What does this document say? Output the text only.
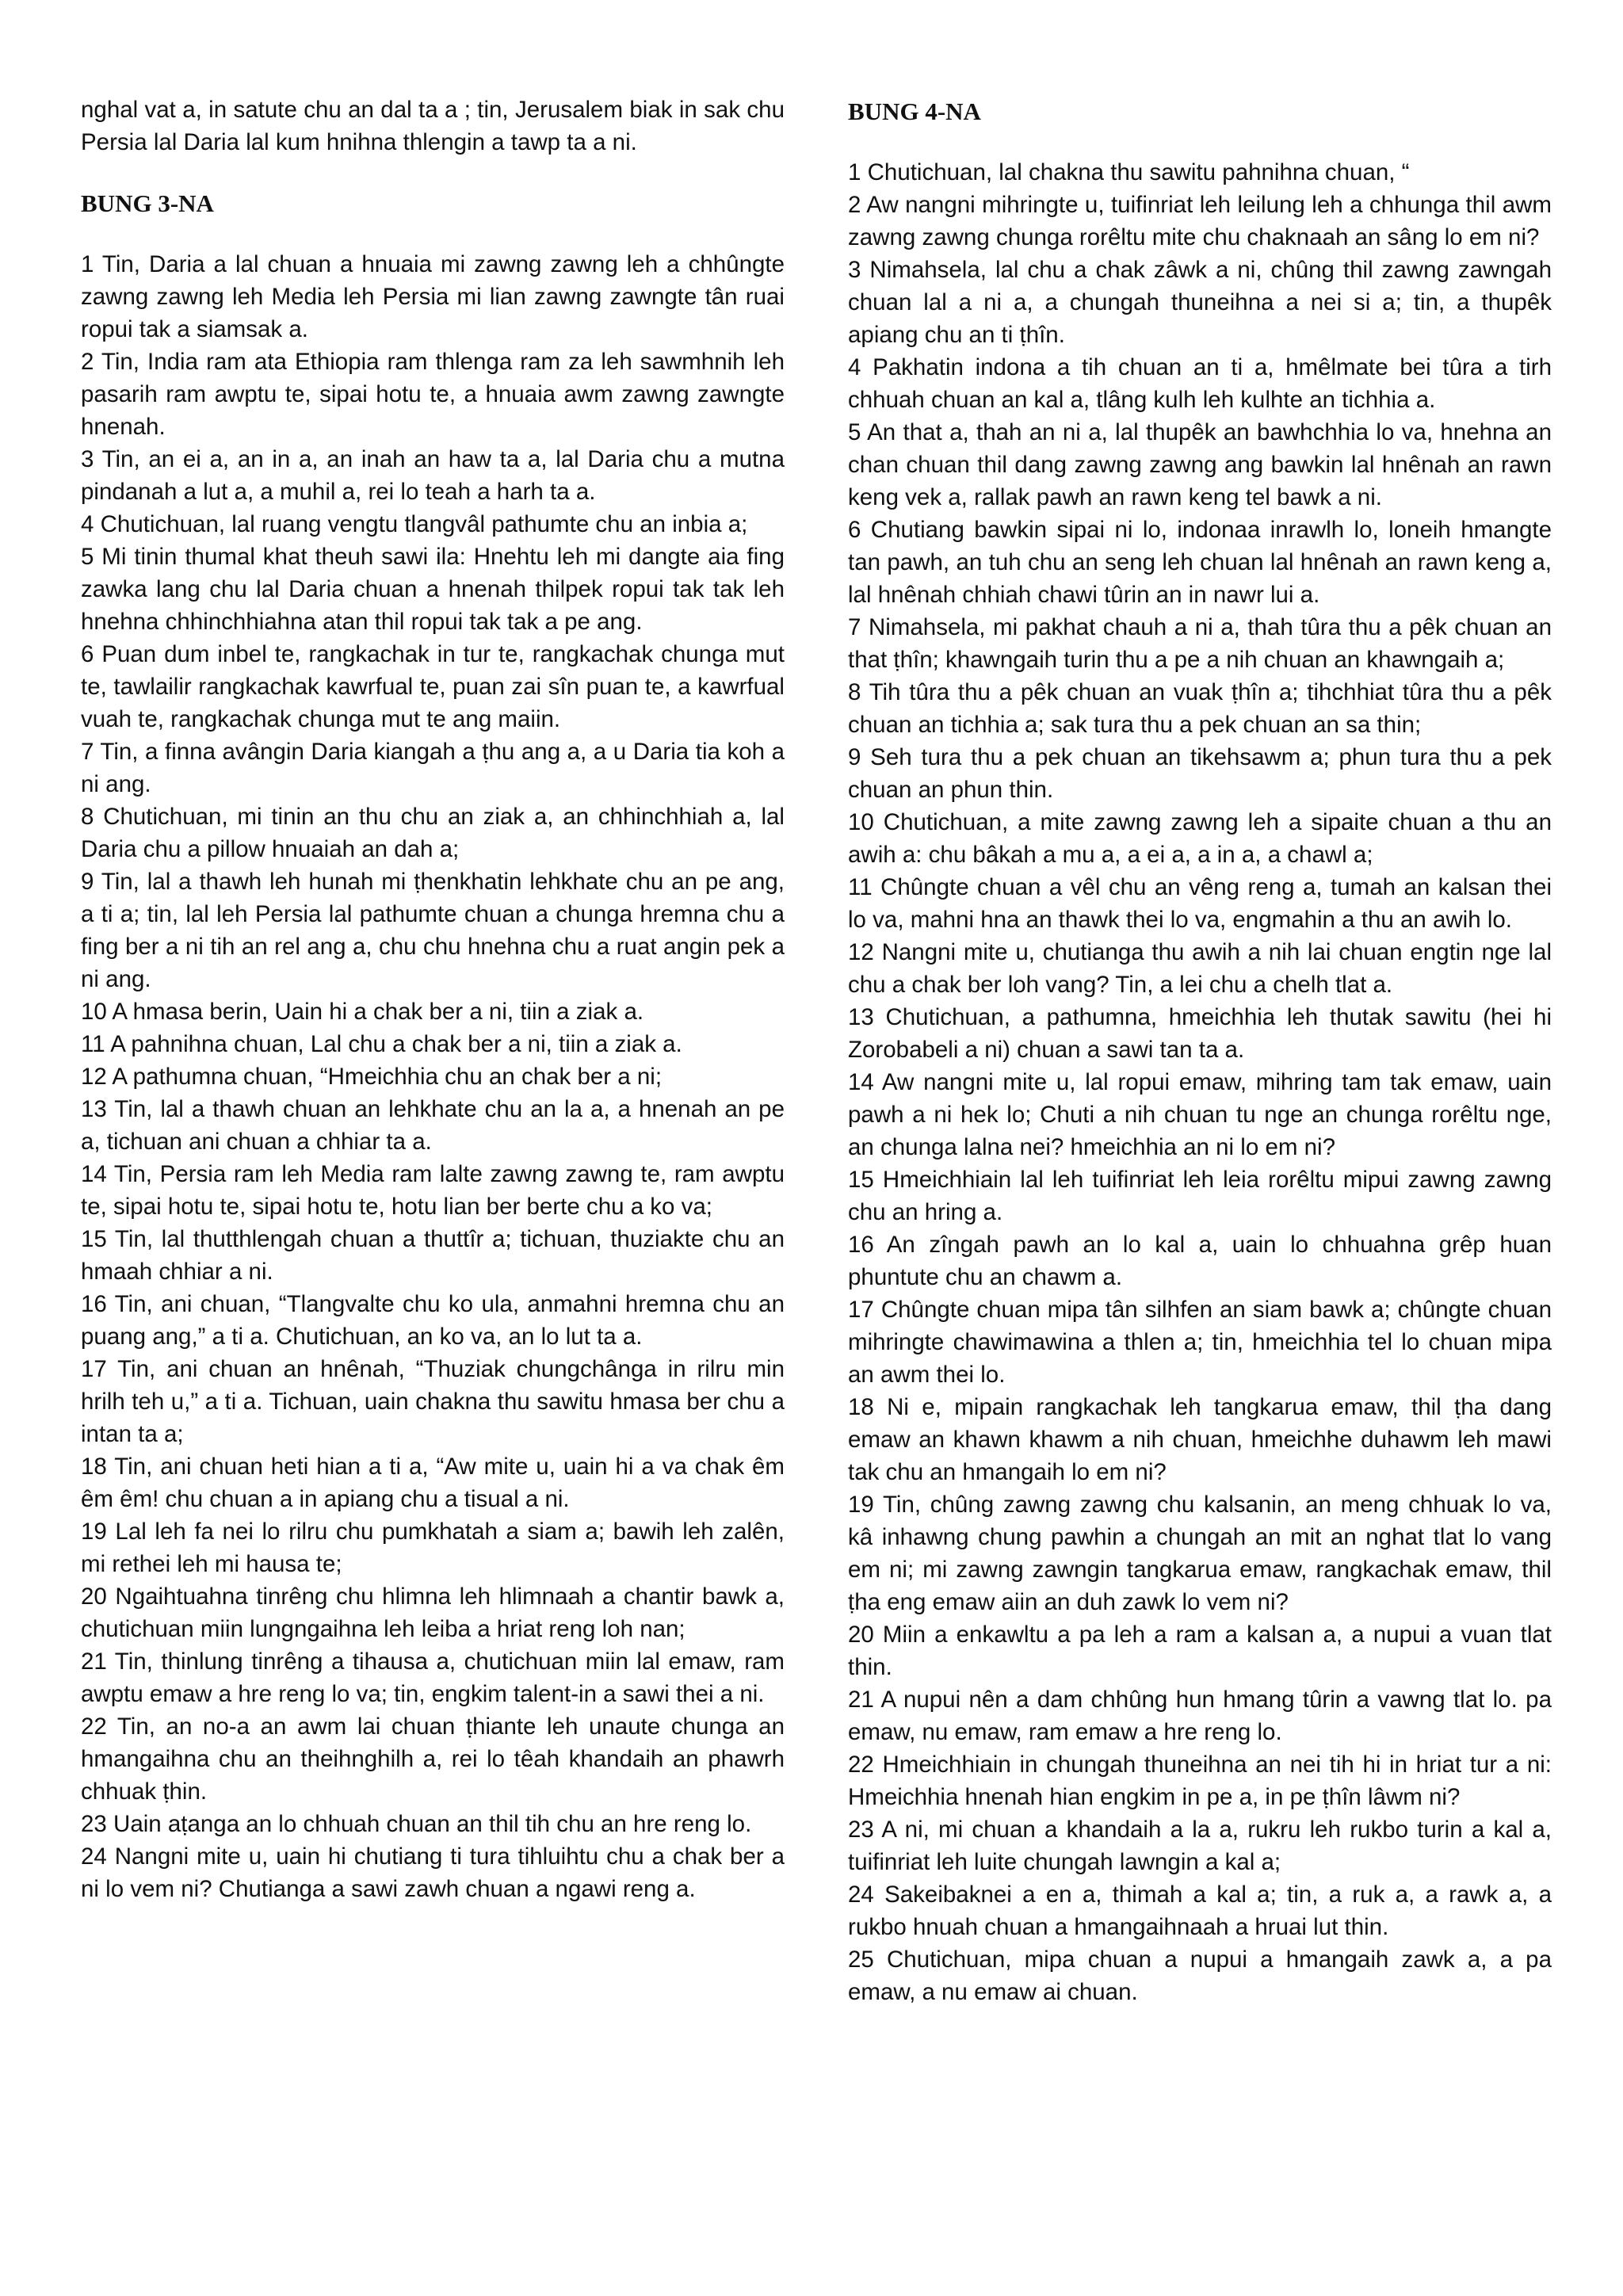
nghal vat a, in satute chu an dal ta a ; tin, Jerusalem biak in sak chu Persia lal Daria lal kum hnihna thlengin a tawp ta a ni.

BUNG 3-NA

1 Tin, Daria a lal chuan a hnuaia mi zawng zawng leh a chhûngte zawng zawng leh Media leh Persia mi lian zawng zawngte tân ruai ropui tak a siamsak a.

2 Tin, India ram ata Ethiopia ram thlenga ram za leh sawmhnih leh pasarih ram awptu te, sipai hotu te, a hnuaia awm zawng zawngte hnenah.

3 Tin, an ei a, an in a, an inah an haw ta a, lal Daria chu a mutna pindanah a lut a, a muhil a, rei lo teah a harh ta a.

4 Chutichuan, lal ruang vengtu tlangvâl pathumte chu an inbia a;

5 Mi tinin thumal khat theuh sawi ila: Hnehtu leh mi dangte aia fing zawka lang chu lal Daria chuan a hnenah thilpek ropui tak tak leh hnehna chhinchhiahna atan thil ropui tak tak a pe ang.

6 Puan dum inbel te, rangkachak in tur te, rangkachak chunga mut te, tawlailir rangkachak kawrfual te, puan zai sîn puan te, a kawrfual vuah te, rangkachak chunga mut te ang maiin.

7 Tin, a finna avângin Daria kiangah a ṭhu ang a, a u Daria tia koh a ni ang.

8 Chutichuan, mi tinin an thu chu an ziak a, an chhinchhiah a, lal Daria chu a pillow hnuaiah an dah a;

9 Tin, lal a thawh leh hunah mi ṭhenkhatin lehkhate chu an pe ang, a ti a; tin, lal leh Persia lal pathumte chuan a chunga hremna chu a fing ber a ni tih an rel ang a, chu chu hnehna chu a ruat angin pek a ni ang.

10 A hmasa berin, Uain hi a chak ber a ni, tiin a ziak a.

11 A pahnihna chuan, Lal chu a chak ber a ni, tiin a ziak a.

12 A pathumna chuan, “Hmeichhia chu an chak ber a ni;

13 Tin, lal a thawh chuan an lehkhate chu an la a, a hnenah an pe a, tichuan ani chuan a chhiar ta a.

14 Tin, Persia ram leh Media ram lalte zawng zawng te, ram awptu te, sipai hotu te, sipai hotu te, hotu lian ber berte chu a ko va;

15 Tin, lal thutthlengah chuan a thuttîr a; tichuan, thuziakte chu an hmaah chhiar a ni.

16 Tin, ani chuan, “Tlangvalte chu ko ula, anmahni hremna chu an puang ang,” a ti a. Chutichuan, an ko va, an lo lut ta a.

17 Tin, ani chuan an hnênah, “Thuziak chungchânga in rilru min hrilh teh u,” a ti a. Tichuan, uain chakna thu sawitu hmasa ber chu a intan ta a;

18 Tin, ani chuan heti hian a ti a, “Aw mite u, uain hi a va chak êm êm êm! chu chuan a in apiang chu a tisual a ni.

19 Lal leh fa nei lo rilru chu pumkhatah a siam a; bawih leh zalên, mi rethei leh mi hausa te;

20 Ngaihtuahna tinrêng chu hlimna leh hlimnaah a chantir bawk a, chutichuan miin lungngaihna leh leiba a hriat reng loh nan;

21 Tin, thinlung tinrêng a tihausa a, chutichuan miin lal emaw, ram awptu emaw a hre reng lo va; tin, engkim talent-in a sawi thei a ni.

22 Tin, an no-a an awm lai chuan ṭhiante leh unaute chunga an hmangaihna chu an theihnghilh a, rei lo têah khandaih an phawrh chhuak ṭhin.

23 Uain aṭanga an lo chhuah chuan an thil tih chu an hre reng lo.

24 Nangni mite u, uain hi chutiang ti tura tihluihtu chu a chak ber a ni lo vem ni? Chutianga a sawi zawh chuan a ngawi reng a.

BUNG 4-NA

1 Chutichuan, lal chakna thu sawitu pahnihna chuan, “

2 Aw nangni mihringte u, tuifinriat leh leilung leh a chhunga thil awm zawng zawng chunga rorêltu mite chu chaknaah an sâng lo em ni?

3 Nimahsela, lal chu a chak zâwk a ni, chûng thil zawng zawngah chuan lal a ni a, a chungah thuneihna a nei si a; tin, a thupêk apiang chu an ti ṭhîn.

4 Pakhatin indona a tih chuan an ti a, hmêlmate bei tûra a tirh chhuah chuan an kal a, tlâng kulh leh kulhte an tichhia a.

5 An that a, thah an ni a, lal thupêk an bawhchhia lo va, hnehna an chan chuan thil dang zawng zawng ang bawkin lal hnênah an rawn keng vek a, rallak pawh an rawn keng tel bawk a ni.

6 Chutiang bawkin sipai ni lo, indonaa inrawlh lo, loneih hmangte tan pawh, an tuh chu an seng leh chuan lal hnênah an rawn keng a, lal hnênah chhiah chawi tûrin an in nawr lui a.

7 Nimahsela, mi pakhat chauh a ni a, thah tûra thu a pêk chuan an that ṭhîn; khawngaih turin thu a pe a nih chuan an khawngaih a;

8 Tih tûra thu a pêk chuan an vuak ṭhîn a; tihchhiat tûra thu a pêk chuan an tichhia a; sak tura thu a pek chuan an sa thin;

9 Seh tura thu a pek chuan an tikehsawm a; phun tura thu a pek chuan an phun thin.

10 Chutichuan, a mite zawng zawng leh a sipaite chuan a thu an awih a: chu bâkah a mu a, a ei a, a in a, a chawl a;

11 Chûngte chuan a vêl chu an vêng reng a, tumah an kalsan thei lo va, mahni hna an thawk thei lo va, engmahin a thu an awih lo.

12 Nangni mite u, chutianga thu awih a nih lai chuan engtin nge lal chu a chak ber loh vang? Tin, a lei chu a chelh tlat a.

13 Chutichuan, a pathumna, hmeichhia leh thutak sawitu (hei hi Zorobabeli a ni) chuan a sawi tan ta a.

14 Aw nangni mite u, lal ropui emaw, mihring tam tak emaw, uain pawh a ni hek lo; Chuti a nih chuan tu nge an chunga rorêltu nge, an chunga lalna nei? hmeichhia an ni lo em ni?

15 Hmeichhiain lal leh tuifinriat leh leia rorêltu mipui zawng zawng chu an hring a.

16 An zîngah pawh an lo kal a, uain lo chhuahna grêp huan phuntute chu an chawm a.

17 Chûngte chuan mipa tân silhfen an siam bawk a; chûngte chuan mihringte chawimawina a thlen a; tin, hmeichhia tel lo chuan mipa an awm thei lo.

18 Ni e, mipain rangkachak leh tangkarua emaw, thil ṭha dang emaw an khawn khawm a nih chuan, hmeichhe duhawm leh mawi tak chu an hmangaih lo em ni?

19 Tin, chûng zawng zawng chu kalsanin, an meng chhuak lo va, kâ inhawng chung pawhin a chungah an mit an nghat tlat lo vang em ni; mi zawng zawngin tangkarua emaw, rangkachak emaw, thil ṭha eng emaw aiin an duh zawk lo vem ni?

20 Miin a enkawltu a pa leh a ram a kalsan a, a nupui a vuan tlat thin.

21 A nupui nên a dam chhûng hun hmang tûrin a vawng tlat lo. pa emaw, nu emaw, ram emaw a hre reng lo.

22 Hmeichhiain in chungah thuneihna an nei tih hi in hriat tur a ni: Hmeichhia hnenah hian engkim in pe a, in pe ṭhîn lâwm ni?

23 A ni, mi chuan a khandaih a la a, rukru leh rukbo turin a kal a, tuifinriat leh luite chungah lawngin a kal a;

24 Sakeibaknei a en a, thimah a kal a; tin, a ruk a, a rawk a, a rukbo hnuah chuan a hmangaihnaah a hruai lut thin.

25 Chutichuan, mipa chuan a nupui a hmangaih zawk a, a pa emaw, a nu emaw ai chuan.
